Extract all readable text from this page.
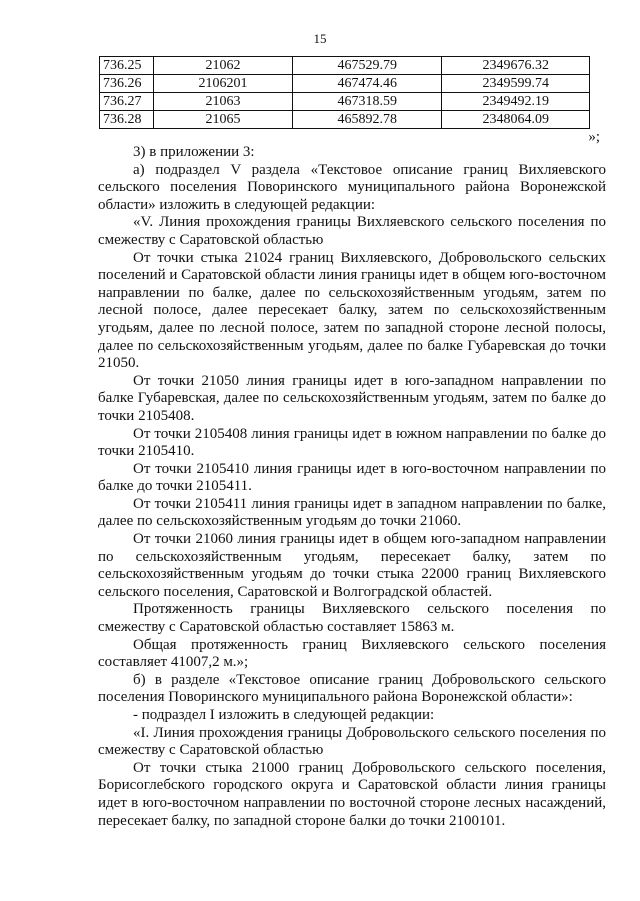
15
736.25	21062	467529.79	2349676.32
736.26	2106201	467474.46	2349599.74
736.27	21063	467318.59	2349492.19
736.28	21065	465892.78	2348064.09
»;

3) в приложении 3:

а) подраздел V раздела «Текстовое описание границ Вихляевского сельского поселения Поворинского муниципального района Воронежской области» изложить в следующей редакции:

«V. Линия прохождения границы Вихляевского сельского поселения по смежеству с Саратовской областью

От точки стыка 21024 границ Вихляевского, Добровольского сельских поселений и Саратовской области линия границы идет в общем юго-восточном направлении по балке, далее по сельскохозяйственным угодьям, затем по лесной полосе, далее пересекает балку, затем по сельскохозяйственным угодьям, далее по лесной полосе, затем по западной стороне лесной полосы, далее по сельскохозяйственным угодьям, далее по балке Губаревская до точки 21050.

От точки 21050 линия границы идет в юго-западном направлении по балке Губаревская, далее по сельскохозяйственным угодьям, затем по балке до точки 2105408.

От точки 2105408 линия границы идет в южном направлении по балке до точки 2105410.

От точки 2105410 линия границы идет в юго-восточном направлении по балке до точки 2105411.

От точки 2105411 линия границы идет в западном направлении по балке, далее по сельскохозяйственным угодьям до точки 21060.

От точки 21060 линия границы идет в общем юго-западном направлении по сельскохозяйственным угодьям, пересекает балку, затем по сельскохозяйственным угодьям до точки стыка 22000 границ Вихляевского сельского поселения, Саратовской и Волгоградской областей.

Протяженность границы Вихляевского сельского поселения по смежеству с Саратовской областью составляет 15863 м.

Общая протяженность границ Вихляевского сельского поселения составляет 41007,2 м.»;

б) в разделе «Текстовое описание границ Добровольского сельского поселения Поворинского муниципального района Воронежской области»:

- подраздел I изложить в следующей редакции:

«I. Линия прохождения границы Добровольского сельского поселения по смежеству с Саратовской областью

От точки стыка 21000 границ Добровольского сельского поселения, Борисоглебского городского округа и Саратовской области линия границы идет в юго-восточном направлении по восточной стороне лесных насаждений, пересекает балку, по западной стороне балки до точки 2100101.
